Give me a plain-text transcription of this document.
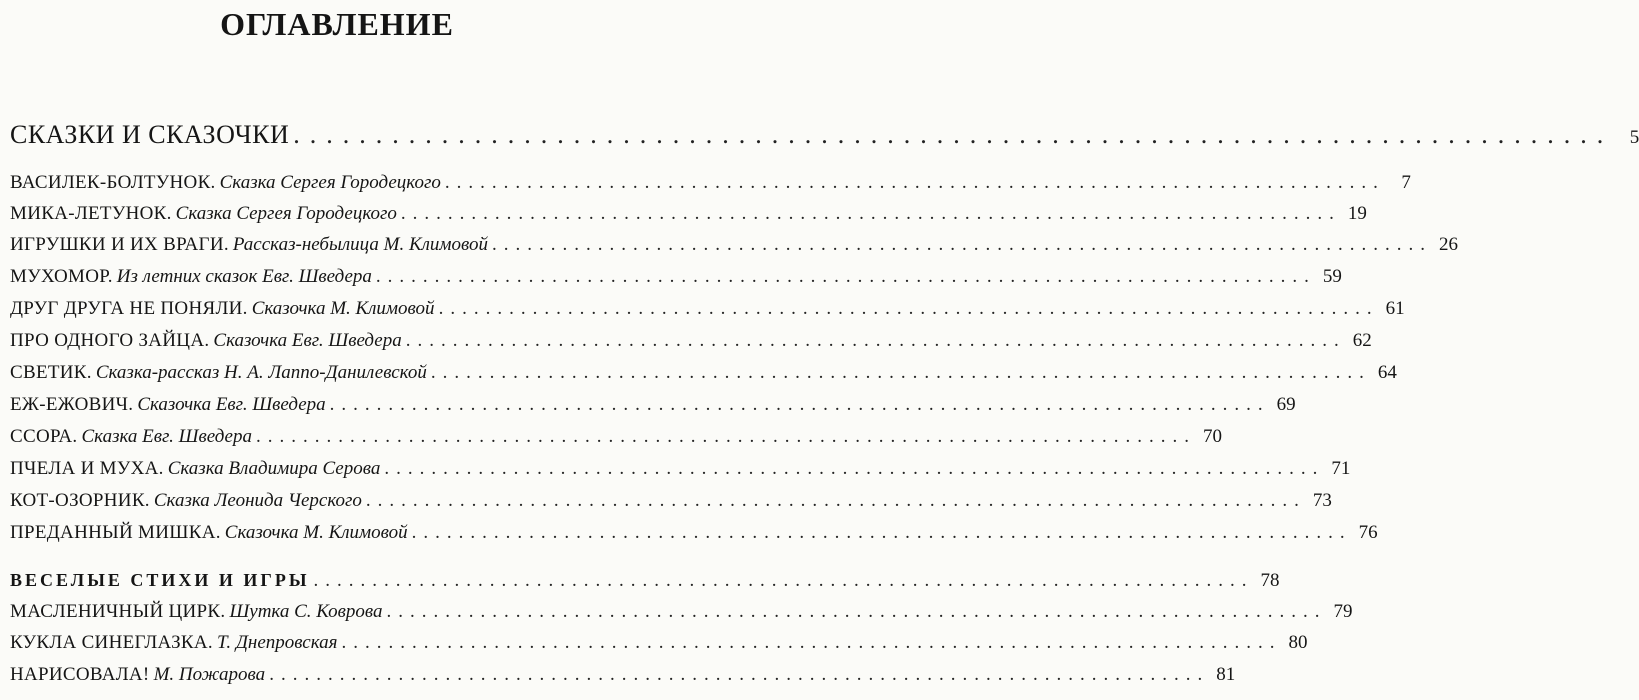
ОГЛАВЛЕНИЕ
СКАЗКИ И СКАЗОЧКИ ................................................................................ 5
ВАСИЛЕК-БОЛТУНОК.
Сказка Сергея Городецкого ................................................................................ 7
МИКА-ЛЕТУНОК.
Сказка Сергея Городецкого ................................................................................ 19
ИГРУШКИ И ИХ ВРАГИ.
Рассказ-небылица М. Климовой ................................................................................ 26
МУХОМОР.
Из летних сказок Евг. Шведера ................................................................................ 59
ДРУГ ДРУГА НЕ ПОНЯЛИ.
Сказочка М. Климовой ................................................................................ 61
ПРО ОДНОГО ЗАЙЦА.
Сказочка Евг. Шведера ................................................................................ 62
СВЕТИК.
Сказка-рассказ Н. А. Лаппо-Данилевской ................................................................................ 64
ЕЖ-ЕЖОВИЧ.
Сказочка Евг. Шведера ................................................................................ 69
ССОРА.
Сказка Евг. Шведера ................................................................................ 70
ПЧЕЛА И МУХА.
Сказка Владимира Серова ................................................................................ 71
КОТ-ОЗОРНИК.
Сказка Леонида Черского ................................................................................ 73
ПРЕДАННЫЙ МИШКА.
Сказочка М. Климовой ................................................................................ 76
ВЕСЕЛЫЕ СТИХИ И ИГРЫ ................................................................................ 78
МАСЛЕНИЧНЫЙ ЦИРК.
Шутка С. Коврова ................................................................................ 79
КУКЛА СИНЕГЛАЗКА.
Т. Днепровская ................................................................................ 80
НАРИСОВАЛА!
М. Пожарова ................................................................................ 81
